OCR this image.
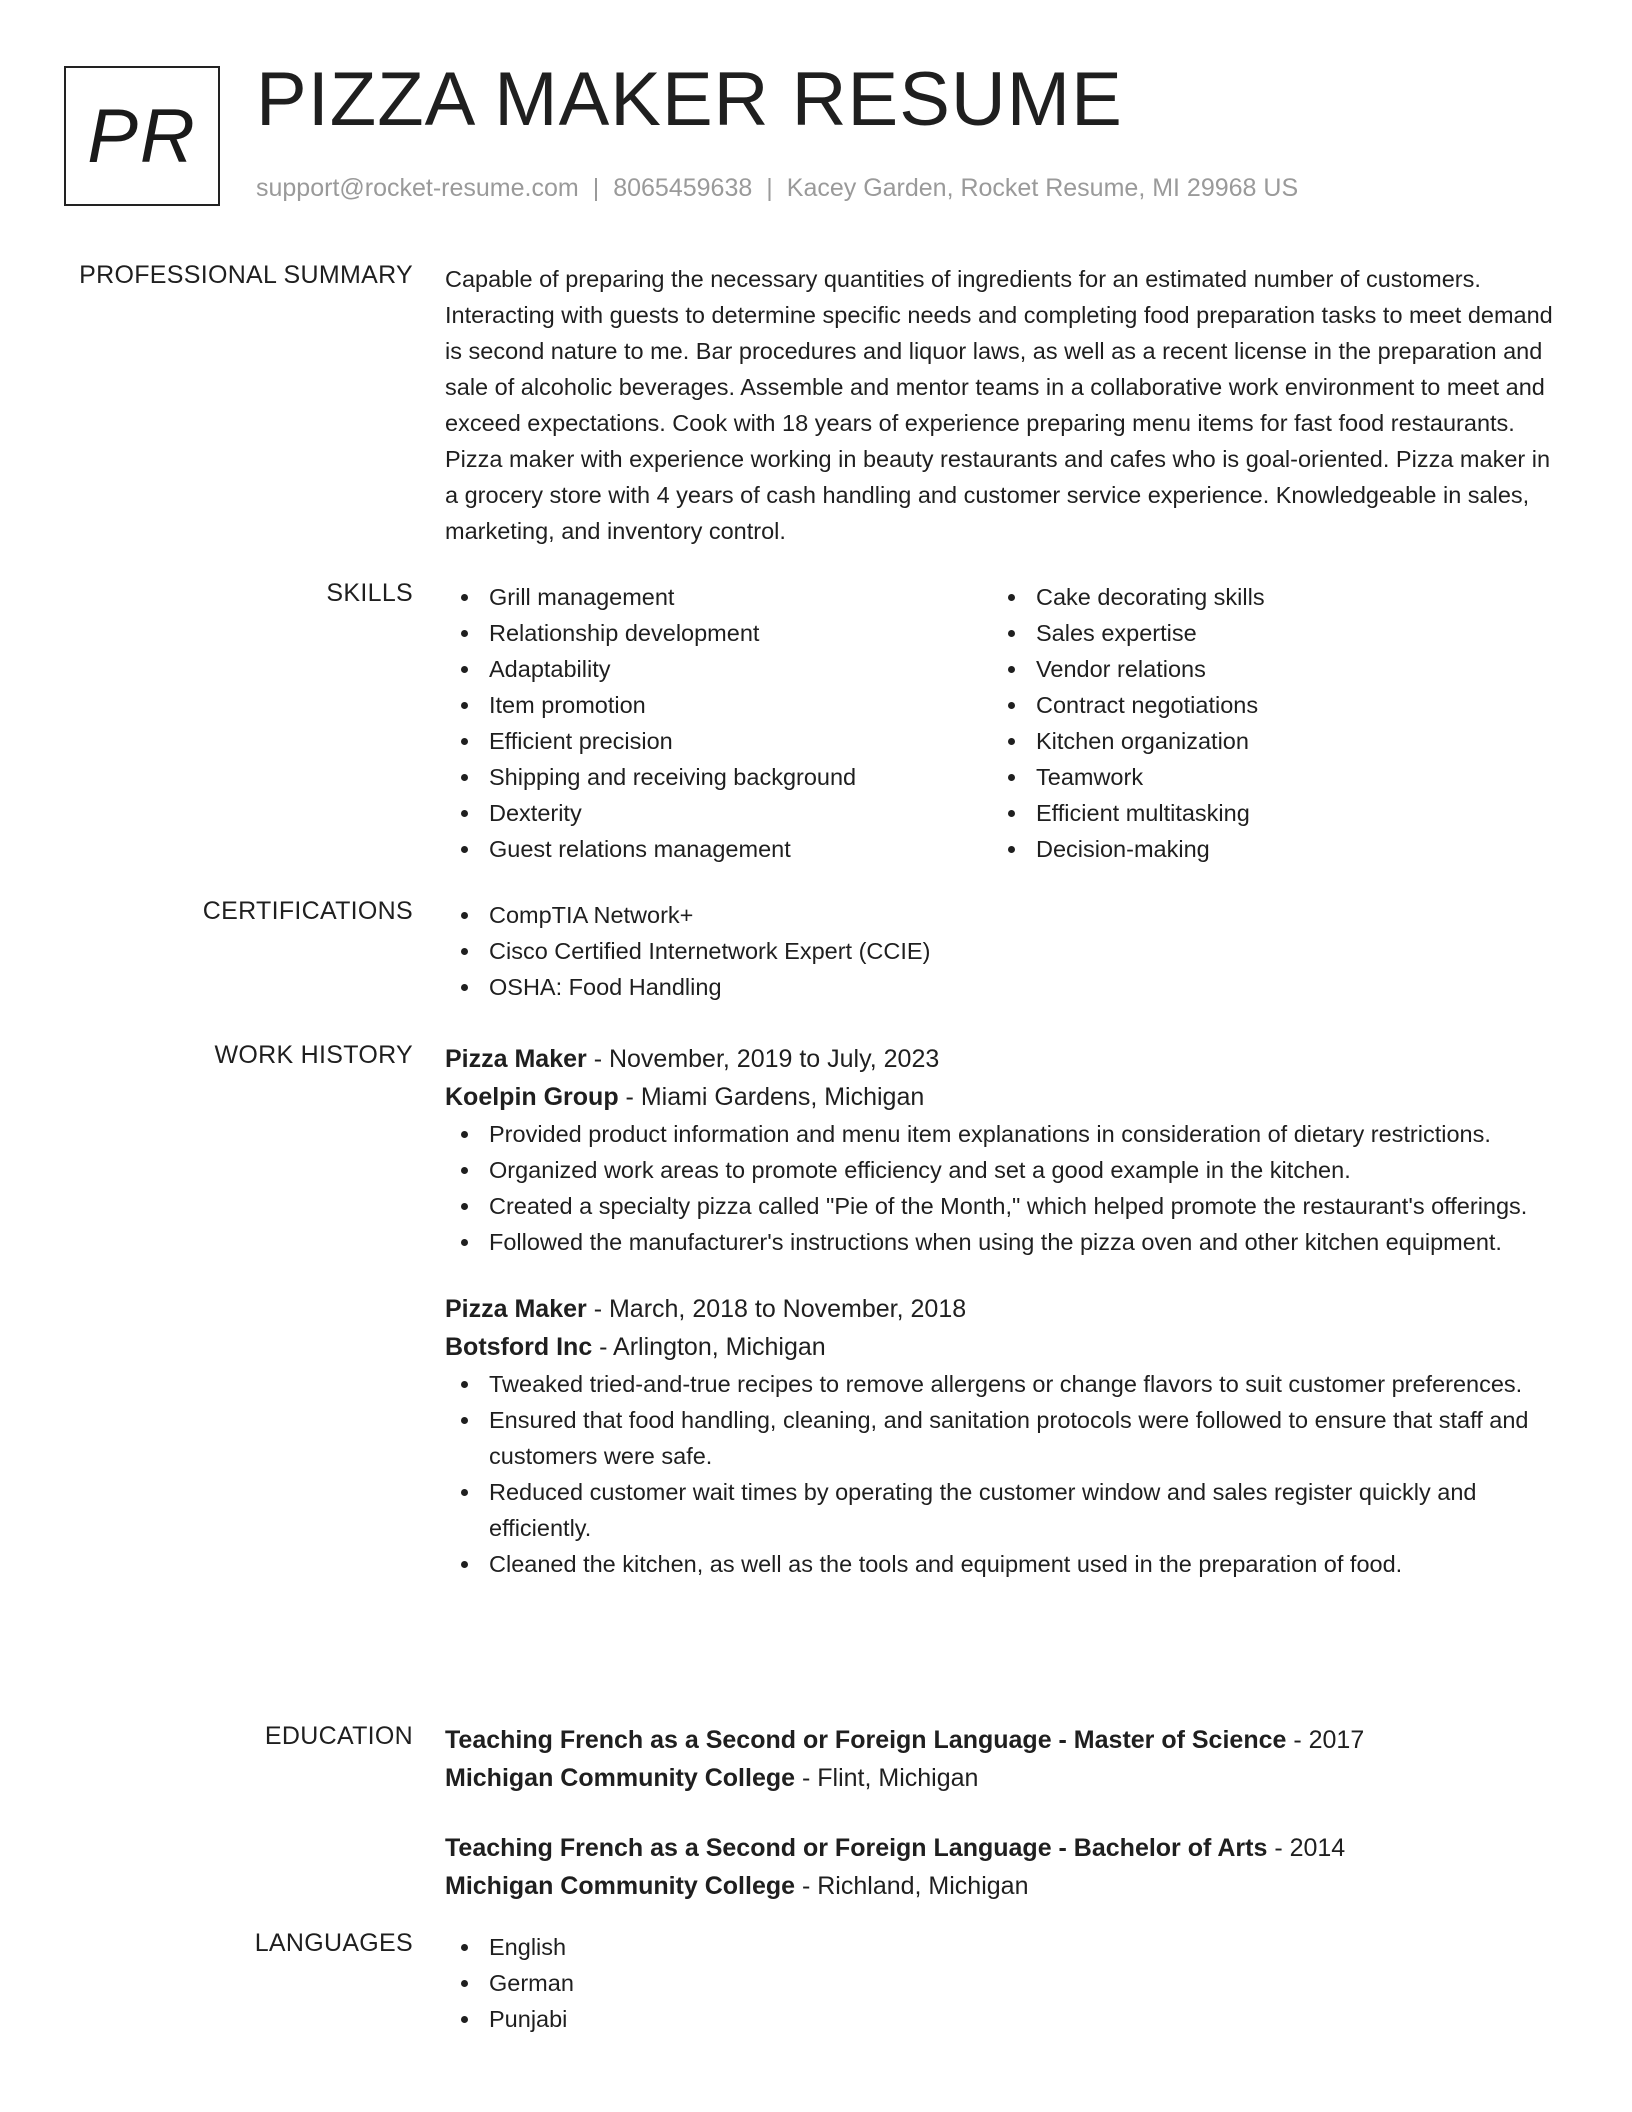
PR PIZZA MAKER RESUME
support@rocket-resume.com | 8065459638 | Kacey Garden, Rocket Resume, MI 29968 US
PROFESSIONAL SUMMARY Capable of preparing the necessary quantities of ingredients for an estimated number of customers. Interacting with guests to determine specific needs and completing food preparation tasks to meet demand is second nature to me. Bar procedures and liquor laws, as well as a recent license in the preparation and sale of alcoholic beverages. Assemble and mentor teams in a collaborative work environment to meet and exceed expectations. Cook with 18 years of experience preparing menu items for fast food restaurants. Pizza maker with experience working in beauty restaurants and cafes who is goal-oriented. Pizza maker in a grocery store with 4 years of cash handling and customer service experience. Knowledgeable in sales, marketing, and inventory control.

SKILLS	Grill management
Relationship development
Adaptability
Item promotion
Efficient precision
Shipping and receiving background
Dexterity
Guest relations management
Cake decorating skills
Sales expertise
Vendor relations
Contract negotiations
Kitchen organization
Teamwork
Efficient multitasking
Decision-making
CERTIFICATIONS	CompTIA Network+
Cisco Certified Internetwork Expert (CCIE)
OSHA: Food Handling
WORK HISTORY Pizza Maker - November, 2019 to July, 2023
Koelpin Group - Miami Gardens, Michigan
Provided product information and menu item explanations in consideration of dietary restrictions.
Organized work areas to promote efficiency and set a good example in the kitchen.
Created a specialty pizza called "Pie of the Month," which helped promote the restaurant's offerings.
Followed the manufacturer's instructions when using the pizza oven and other kitchen equipment.
Pizza Maker - March, 2018 to November, 2018
Botsford Inc - Arlington, Michigan
Tweaked tried-and-true recipes to remove allergens or change flavors to suit customer preferences.
Ensured that food handling, cleaning, and sanitation protocols were followed to ensure that staff and customers were safe.
Reduced customer wait times by operating the customer window and sales register quickly and efficiently.
Cleaned the kitchen, as well as the tools and equipment used in the preparation of food.
EDUCATION Teaching French as a Second or Foreign Language - Master of Science - 2017
Michigan Community College - Flint, Michigan
Teaching French as a Second or Foreign Language - Bachelor of Arts - 2014
Michigan Community College - Richland, Michigan
LANGUAGES	English
German
Punjabi
